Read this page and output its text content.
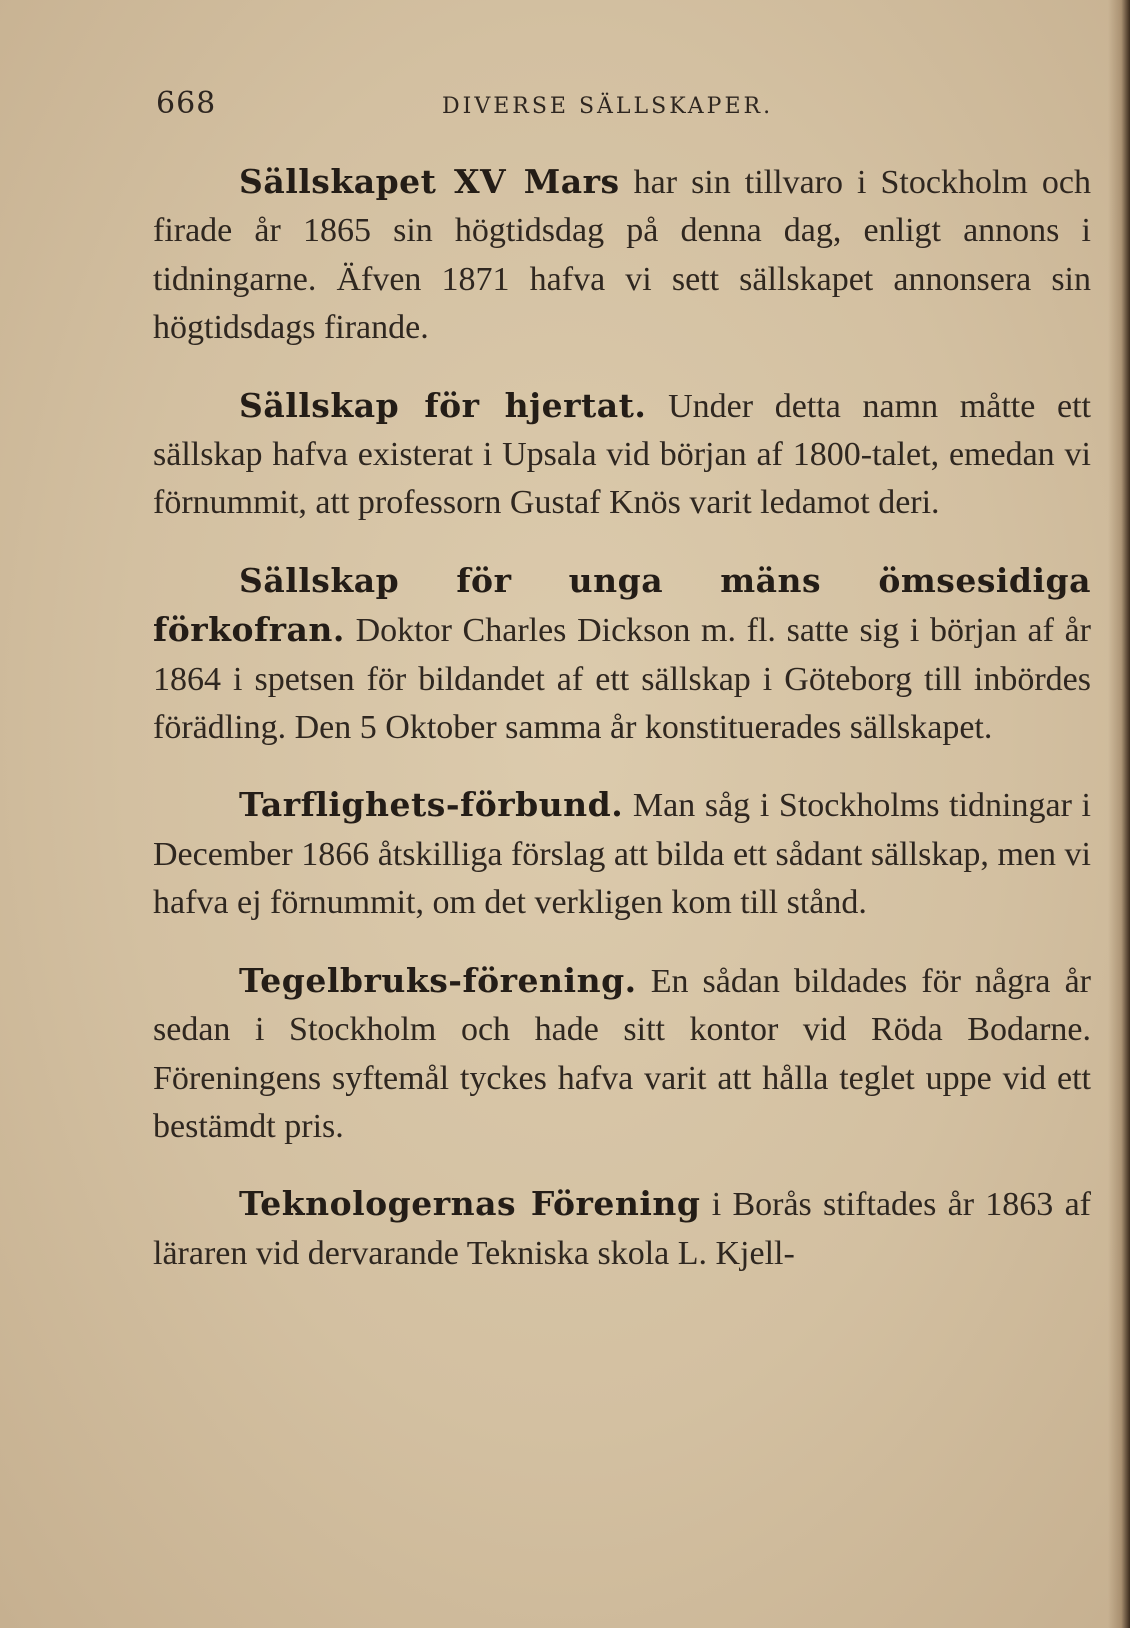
668	DIVERSE SÄLLSKAPER.

Sällskapet XV Mars har sin tillvaro i Stockholm och firade år 1865 sin högtidsdag på denna dag, enligt annons i tidningarne. Äfven 1871 hafva vi sett sällskapet annonsera sin högtidsdags firande.

Sällskap för hjertat. Under detta namn måtte ett sällskap hafva existerat i Upsala vid början af 1800-talet, emedan vi förnummit, att professorn Gustaf Knös varit ledamot deri.

Sällskap för unga mäns ömsesidiga förkofran. Doktor Charles Dickson m. fl. satte sig i början af år 1864 i spetsen för bildandet af ett sällskap i Göteborg till inbördes förädling. Den 5 Oktober samma år konstituerades sällskapet.

Tarflighets-förbund. Man såg i Stockholms tidningar i December 1866 åtskilliga förslag att bilda ett sådant sällskap, men vi hafva ej förnummit, om det verkligen kom till stånd.

Tegelbruks-förening. En sådan bildades för några år sedan i Stockholm och hade sitt kontor vid Röda Bodarne. Föreningens syftemål tyckes hafva varit att hålla teglet uppe vid ett bestämdt pris.

Teknologernas Förening i Borås stiftades år 1863 af läraren vid dervarande Tekniska skola L. Kjell-
